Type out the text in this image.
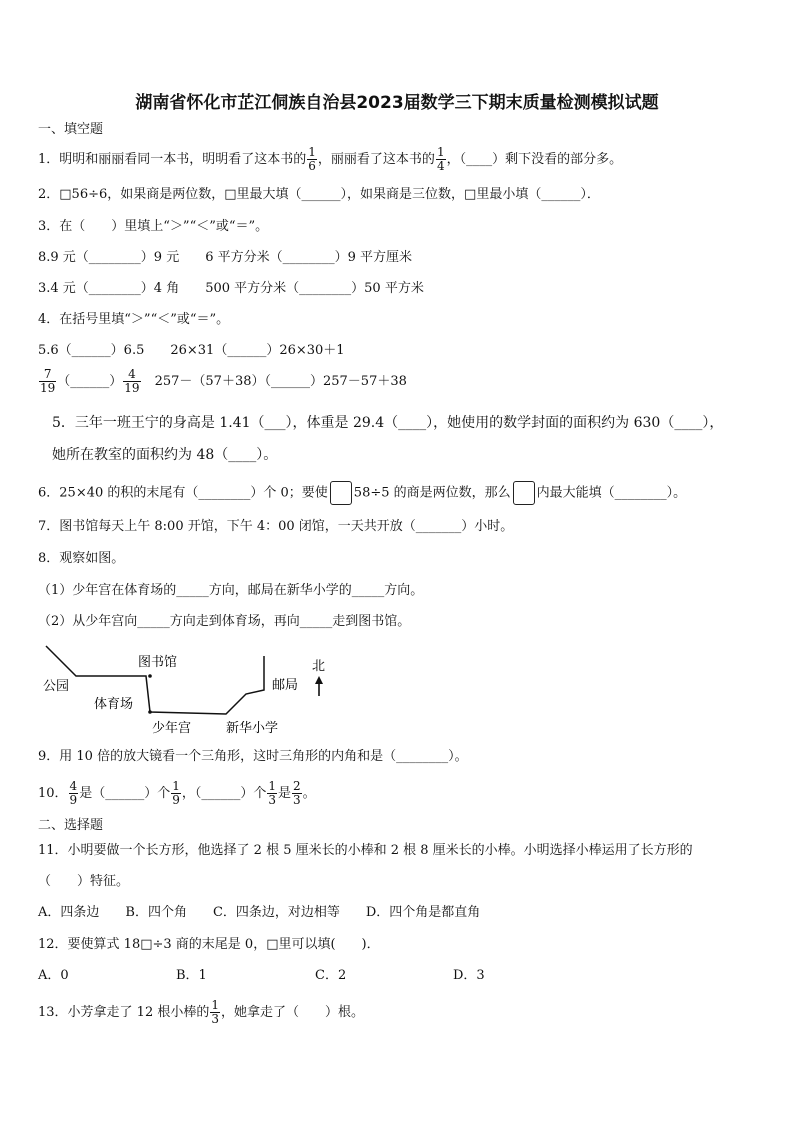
湖南省怀化市芷江侗族自治县2023届数学三下期末质量检测模拟试题
一、填空题
1．明明和丽丽看同一本书，明明看了这本书的 $\frac{1}{6}$ ，丽丽看了这本书的 $\frac{1}{4}$ ，（____）剩下没看的部分多。
2．□56÷6，如果商是两位数，□里最大填（______），如果商是三位数，□里最小填（______）．
3．在（　　）里填上“＞”“＜”或“＝”。
8.9 元（________）9 元　　6 平方分米（________）9 平方厘米
3.4 元（________）4 角　　500 平方分米（________）50 平方米
4．在括号里填“＞”“＜”或“＝”。
5.6（______）6.5　　26×31（______）26×30＋1
$\frac{7}{19}$ （______） $\frac{4}{19}$
　 257－（57＋38）（______）257－57＋38
5．三年一班王宁的身高是 1.41（___），体重是 29.4（____），她使用的数学封面的面积约为 630（____），
她所在教室的面积约为 48（____）。
6．25×40 的积的末尾有（________）个 0；要使 58÷5 的商是两位数，那么 内最大能填（________）。
7．图书馆每天上午 8:00 开馆，下午 4：00 闭馆，一天共开放（_______）小时。
8．观察如图。
（1）少年宫在体育场的_____方向，邮局在新华小学的_____方向。
（2）从少年宫向_____方向走到体育场，再向_____走到图书馆。
公园
图书馆
体育场
少年宫	新华小学
邮局
北
9．用 10 倍的放大镜看一个三角形，这时三角形的内角和是（________）。
10． $\frac{4}{9}$ 是（______）个 $\frac{1}{9}$ ，（______）个 $\frac{1}{3}$ 是 $\frac{2}{3}$ 。
二、选择题
11．小明要做一个长方形，他选择了 2 根 5 厘米长的小棒和 2 根 8 厘米长的小棒。小明选择小棒运用了长方形的
（　　）特征。
A．四条边　　B．四个角　　C．四条边，对边相等　　D．四个角是都直角
12．要使算式 18□÷3 商的末尾是 0，□里可以填(　　)．
A．0	B．1	C．2	D．3
13．小芳拿走了 12 根小棒的 $\frac{1}{3}$ ，她拿走了（　　）根。
